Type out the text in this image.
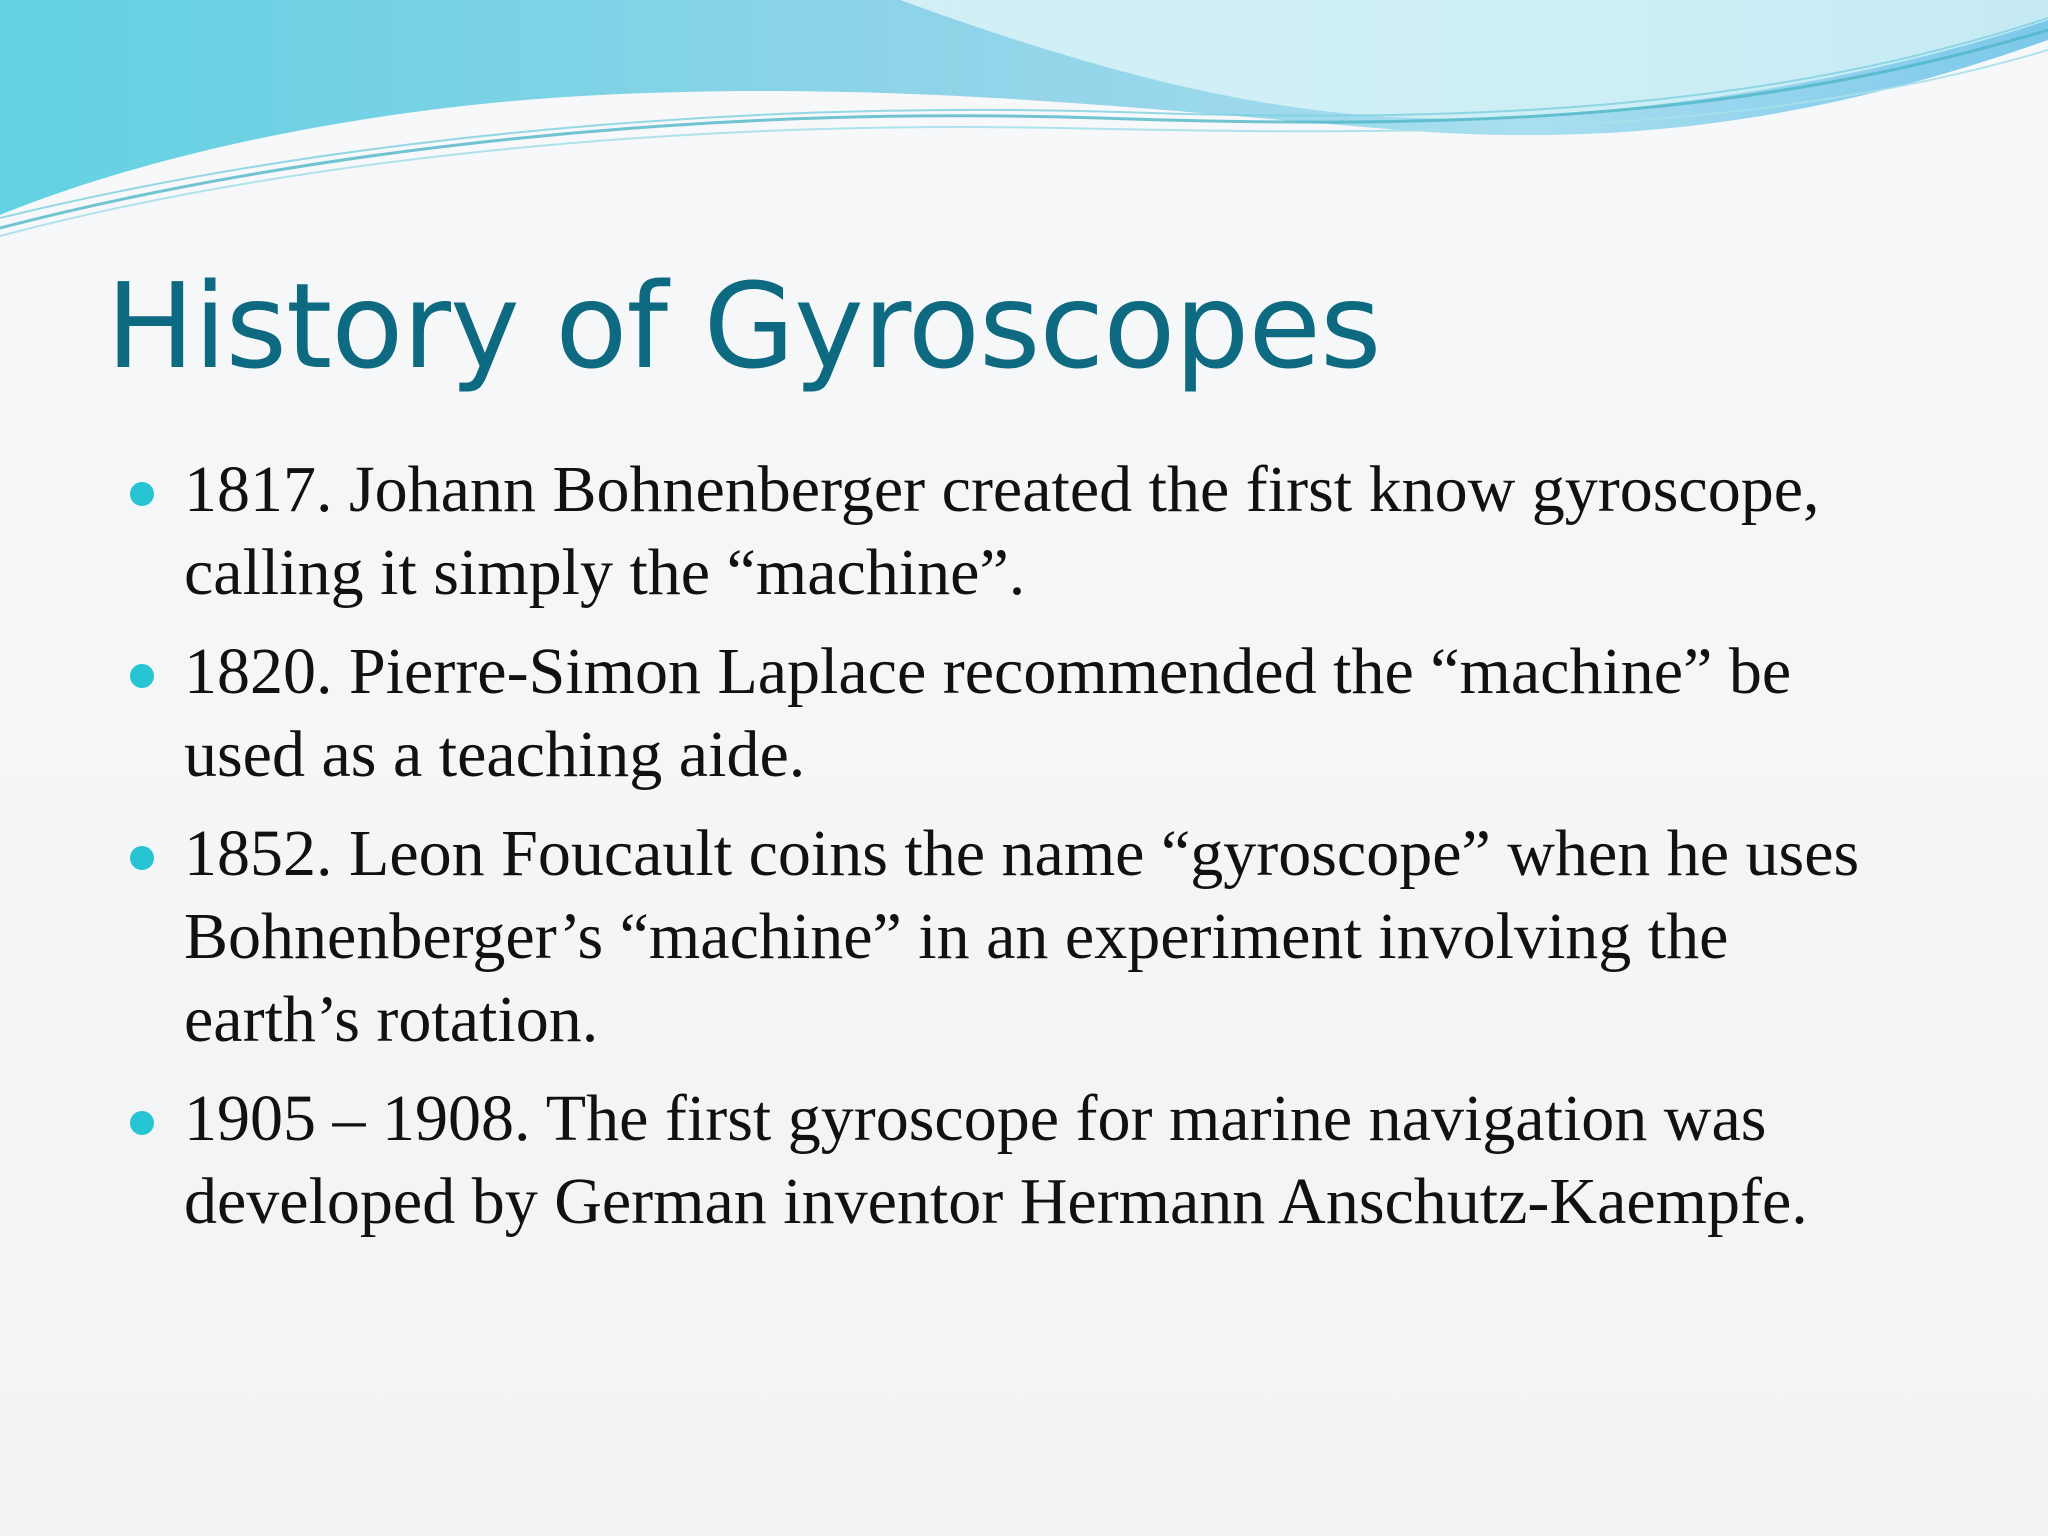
History of Gyroscopes
1817. Johann Bohnenberger created the first know gyroscope, calling it simply the “machine”.
1820. Pierre-Simon Laplace recommended the “machine” be used as a teaching aide.
1852. Leon Foucault coins the name “gyroscope” when he uses Bohnenberger’s “machine” in an experiment involving the earth’s rotation.
1905 – 1908. The first gyroscope for marine navigation was developed by German inventor Hermann Anschutz-Kaempfe.
